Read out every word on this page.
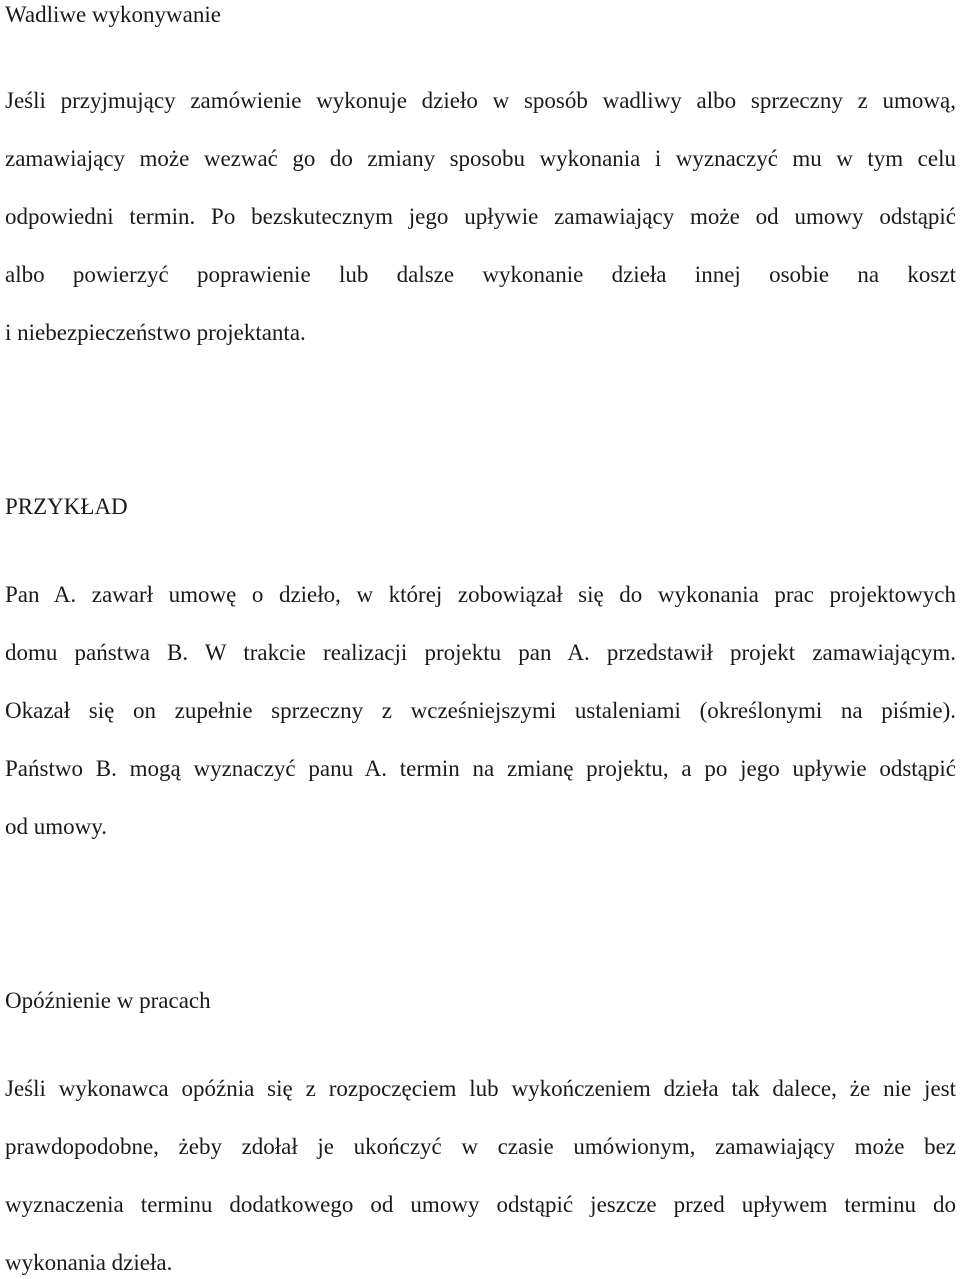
Wadliwe wykonywanie

Jeśli przyjmujący zamówienie wykonuje dzieło w sposób wadliwy albo sprzeczny z umową,

zamawiający może wezwać go do zmiany sposobu wykonania i wyznaczyć mu w tym celu

odpowiedni termin. Po bezskutecznym jego upływie zamawiający może od umowy odstąpić

albo powierzyć poprawienie lub dalsze wykonanie dzieła innej osobie na koszt

i niebezpieczeństwo projektanta.

PRZYKŁAD

Pan A. zawarł umowę o dzieło, w której zobowiązał się do wykonania prac projektowych

domu państwa B. W trakcie realizacji projektu pan A. przedstawił projekt zamawiającym.

Okazał się on zupełnie sprzeczny z wcześniejszymi ustaleniami (określonymi na piśmie).

Państwo B. mogą wyznaczyć panu A. termin na zmianę projektu, a po jego upływie odstąpić

od umowy.

Opóźnienie w pracach

Jeśli wykonawca opóźnia się z rozpoczęciem lub wykończeniem dzieła tak dalece, że nie jest

prawdopodobne, żeby zdołał je ukończyć w czasie umówionym, zamawiający może bez

wyznaczenia terminu dodatkowego od umowy odstąpić jeszcze przed upływem terminu do

wykonania dzieła.
